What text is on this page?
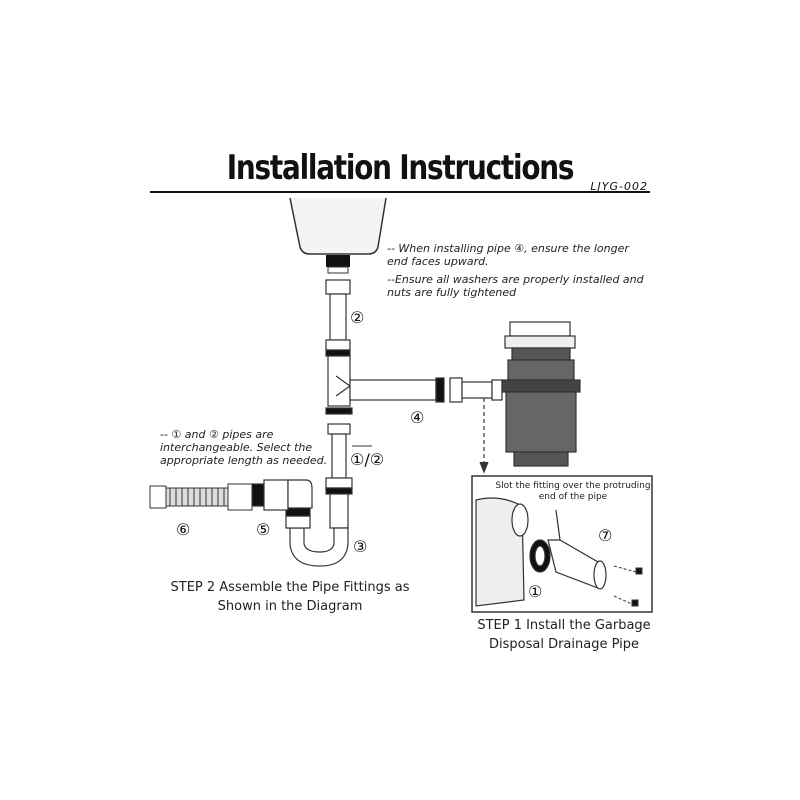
Installation Instructions	LJYG-002
-- When installing pipe ④, ensure the longer end faces upward.
--Ensure all washers are properly installed and nuts are fully tightened
-- ① and ② pipes are interchangeable. Select the appropriate length as needed.
Slot the fitting over the protruding end of the pipe
②
④
①/②
③
⑤
⑥
①
⑦
STEP 2 Assemble the Pipe Fittings as Shown in the Diagram
STEP 1 Install the Garbage Disposal Drainage Pipe
